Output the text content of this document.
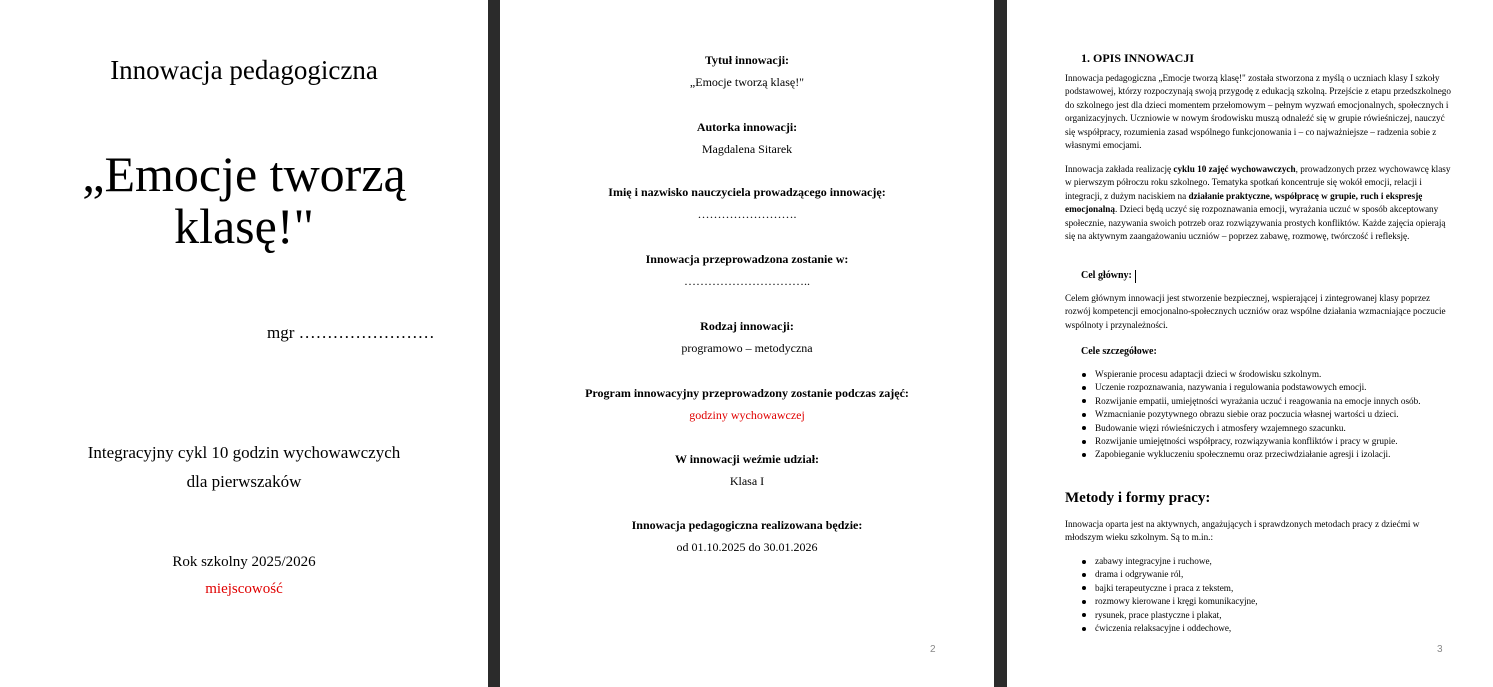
Innowacja pedagogiczna
„Emocje tworzą
klasę!"
mgr ……………………
Integracyjny cykl 10 godzin wychowawczych
dla pierwszaków
Rok szkolny 2025/2026
miejscowość
Tytuł innowacji:
„Emocje tworzą klasę!"
Autorka innowacji:
Magdalena Sitarek
Imię i nazwisko nauczyciela prowadzącego innowację:
…………………….
Innowacja przeprowadzona zostanie w:
…………………………..
Rodzaj innowacji:
programowo – metodyczna
Program innowacyjny przeprowadzony zostanie podczas zajęć:
godziny wychowawczej
W innowacji weźmie udział:
Klasa I
Innowacja pedagogiczna realizowana będzie:
od 01.10.2025 do 30.01.2026
2
1. OPIS INNOWACJI

Innowacja pedagogiczna „Emocje tworzą klasę!" została stworzona z myślą o uczniach klasy I szkoły podstawowej, którzy rozpoczynają swoją przygodę z edukacją szkolną. Przejście z etapu przedszkolnego do szkolnego jest dla dzieci momentem przełomowym – pełnym wyzwań emocjonalnych, społecznych i organizacyjnych. Uczniowie w nowym środowisku muszą odnaleźć się w grupie rówieśniczej, nauczyć się współpracy, rozumienia zasad wspólnego funkcjonowania i – co najważniejsze – radzenia sobie z własnymi emocjami.

Innowacja zakłada realizację cyklu 10 zajęć wychowawczych, prowadzonych przez wychowawcę klasy w pierwszym półroczu roku szkolnego. Tematyka spotkań koncentruje się wokół emocji, relacji i integracji, z dużym naciskiem na działanie praktyczne, współpracę w grupie, ruch i ekspresję emocjonalną. Dzieci będą uczyć się rozpoznawania emocji, wyrażania uczuć w sposób akceptowany społecznie, nazywania swoich potrzeb oraz rozwiązywania prostych konfliktów. Każde zajęcia opierają się na aktywnym zaangażowaniu uczniów – poprzez zabawę, rozmowę, twórczość i refleksję.

Cel główny:

Celem głównym innowacji jest stworzenie bezpiecznej, wspierającej i zintegrowanej klasy poprzez rozwój kompetencji emocjonalno-społecznych uczniów oraz wspólne działania wzmacniające poczucie wspólnoty i przynależności.

Cele szczegółowe:
Wspieranie procesu adaptacji dzieci w środowisku szkolnym.
Uczenie rozpoznawania, nazywania i regulowania podstawowych emocji.
Rozwijanie empatii, umiejętności wyrażania uczuć i reagowania na emocje innych osób.
Wzmacnianie pozytywnego obrazu siebie oraz poczucia własnej wartości u dzieci.
Budowanie więzi rówieśniczych i atmosfery wzajemnego szacunku.
Rozwijanie umiejętności współpracy, rozwiązywania konfliktów i pracy w grupie.
Zapobieganie wykluczeniu społecznemu oraz przeciwdziałanie agresji i izolacji.
Metody i formy pracy:

Innowacja oparta jest na aktywnych, angażujących i sprawdzonych metodach pracy z dziećmi w młodszym wieku szkolnym. Są to m.in.:

zabawy integracyjne i ruchowe,
drama i odgrywanie ról,
bajki terapeutyczne i praca z tekstem,
rozmowy kierowane i kręgi komunikacyjne,
rysunek, prace plastyczne i plakat,
ćwiczenia relaksacyjne i oddechowe,
3
